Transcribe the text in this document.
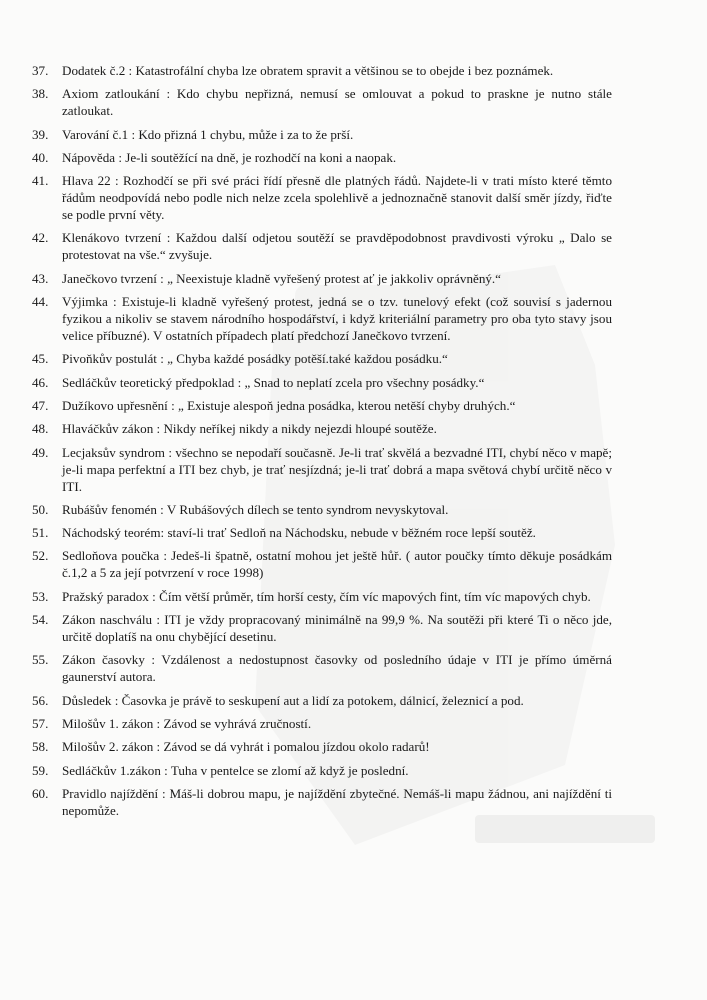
37.	Dodatek č.2 : Katastrofální chyba lze obratem spravit a většinou se to obejde i bez poznámek.
38.	Axiom zatloukání : Kdo chybu nepřizná, nemusí se omlouvat a pokud to praskne je nutno stále zatloukat.
39.	Varování č.1 : Kdo přizná 1 chybu, může i za to že prší.
40.	Nápověda : Je-li soutěžící na dně, je rozhodčí na koni a naopak.
41.	Hlava 22 : Rozhodčí se při své práci řídí přesně dle platných řádů. Najdete-li v trati místo které těmto řádům neodpovídá nebo podle nich nelze zcela spolehlivě a jednoznačně stanovit další směr jízdy, řiďte se podle první věty.
42.	Klenákovo tvrzení : Každou další odjetou soutěží se pravděpodobnost pravdivosti výroku „ Dalo se protestovat na vše.“ zvyšuje.
43.	Janečkovo tvrzení : „ Neexistuje kladně vyřešený protest ať je jakkoliv oprávněný.“
44.	Výjimka : Existuje-li kladně vyřešený protest, jedná se o tzv. tunelový efekt (což souvisí s jadernou fyzikou a nikoliv se stavem národního hospodářství, i když kriteriální parametry pro oba tyto stavy jsou velice příbuzné). V ostatních případech platí předchozí Janečkovo tvrzení.
45.	Pivoňkův postulát : „ Chyba každé posádky potěší.také každou posádku.“
46.	Sedláčkův teoretický předpoklad : „ Snad to neplatí zcela pro všechny posádky.“
47.	Dužíkovo upřesnění : „ Existuje alespoň jedna posádka, kterou netěší chyby druhých.“
48.	Hlaváčkův zákon : Nikdy neříkej nikdy a nikdy nejezdi hloupé soutěže.
49.	Lecjaksův syndrom : všechno se nepodaří současně. Je-li trať skvělá a bezvadné ITI, chybí něco v mapě; je-li mapa perfektní a ITI bez chyb, je trať nesjízdná; je-li trať dobrá a mapa světová chybí určitě něco v ITI.
50.	Rubášův fenomén : V Rubášových dílech se tento syndrom nevyskytoval.
51.	Náchodský teorém: staví-li trať Sedloň na Náchodsku, nebude v běžném roce lepší soutěž.
52.	Sedloňova poučka : Jedeš-li špatně, ostatní mohou jet ještě hůř. ( autor poučky tímto děkuje posádkám č.1,2 a 5 za její potvrzení v roce 1998)
53.	Pražský paradox : Čím větší průměr, tím horší cesty, čím víc mapových fint, tím víc mapových chyb.
54.	Zákon naschválu : ITI je vždy propracovaný minimálně na 99,9 %. Na soutěži při které Ti o něco jde, určitě doplatíš na onu chybějící desetinu.
55.	Zákon časovky : Vzdálenost a nedostupnost časovky od posledního údaje v ITI je přímo úměrná gaunerství autora.
56.	Důsledek : Časovka je právě to seskupení aut a lidí za potokem, dálnicí, železnicí a pod.
57.	Milošův 1. zákon : Závod se vyhrává zručností.
58.	Milošův 2. zákon : Závod se dá vyhrát i pomalou jízdou okolo radarů!
59.	Sedláčkův 1.zákon : Tuha v pentelce se zlomí až když je poslední.
60.	Pravidlo najíždění : Máš-li dobrou mapu, je najíždění zbytečné. Nemáš-li mapu žádnou, ani najíždění ti nepomůže.
